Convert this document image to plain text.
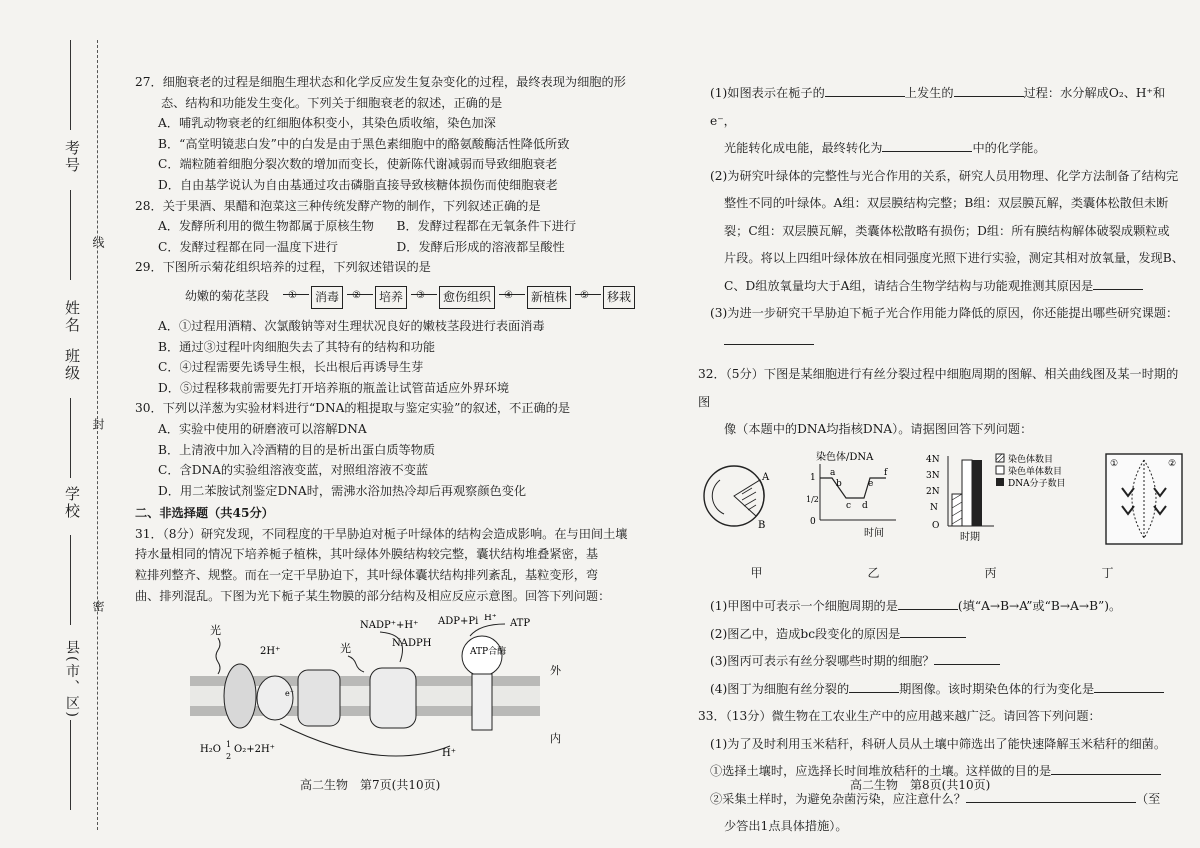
考号
线
姓名
班级
封
学校
密
县(市、区)

27．细胞衰老的过程是细胞生理状态和化学反应发生复杂变化的过程，最终表现为细胞的形

态、结构和功能发生变化。下列关于细胞衰老的叙述，正确的是

A．哺乳动物衰老的红细胞体积变小，其染色质收缩，染色加深

B．“高堂明镜悲白发”中的白发是由于黑色素细胞中的酪氨酸酶活性降低所致

C．端粒随着细胞分裂次数的增加而变长，使新陈代谢减弱而导致细胞衰老

D．自由基学说认为自由基通过攻击磷脂直接导致核糖体损伤而使细胞衰老

28．关于果酒、果醋和泡菜这三种传统发酵产物的制作，下列叙述正确的是

A．发酵所利用的微生物都属于原核生物	B．发酵过程都在无氧条件下进行
C．发酵过程都在同一温度下进行	D．发酵后形成的溶液都呈酸性

29．下图所示菊花组织培养的过程，下列叙述错误的是

幼嫩的菊花茎段 ①	消毒	②	培养	③	愈伤组织	④	新植株	⑤	移栽

A．①过程用酒精、次氯酸钠等对生理状况良好的嫩枝茎段进行表面消毒

B．通过③过程叶肉细胞失去了其特有的结构和功能

C．④过程需要先诱导生根，长出根后再诱导生芽

D．⑤过程移栽前需要先打开培养瓶的瓶盖让试管苗适应外界环境

30．下列以洋葱为实验材料进行“DNA的粗提取与鉴定实验”的叙述，不正确的是

A．实验中使用的研磨液可以溶解DNA

B．上清液中加入冷酒精的目的是析出蛋白质等物质

C．含DNA的实验组溶液变蓝，对照组溶液不变蓝

D．用二苯胺试剂鉴定DNA时，需沸水浴加热冷却后再观察颜色变化

二、非选择题（共45分）

31．（8分）研究发现，不同程度的干旱胁迫对栀子叶绿体的结构会造成影响。在与田间土壤

持水量相同的情况下培养栀子植株，其叶绿体外膜结构较完整，囊状结构堆叠紧密，基

粒排列整齐、规整。而在一定干旱胁迫下，其叶绿体囊状结构排列紊乱，基粒变形，弯

曲、排列混乱。下图为光下栀子某生物膜的部分结构及相应反应示意图。回答下列问题：

ATP合酶
光
光
2H⁺
NADP⁺+H⁺
NADPH
ADP+Pi	ATP
H⁺
外
内
H⁺
e⁻
H₂O 1
2
O₂+2H⁺
高二生物　第7页(共10页)

(1)如图表示在栀子的	上发生的	过程：水分解成O₂、H⁺和e⁻，

光能转化成电能，最终转化为	中的化学能。

(2)为研究叶绿体的完整性与光合作用的关系，研究人员用物理、化学方法制备了结构完

整性不同的叶绿体。A组：双层膜结构完整；B组：双层膜瓦解，类囊体松散但未断

裂；C组：双层膜瓦解，类囊体松散略有损伤；D组：所有膜结构解体破裂成颗粒或

片段。将以上四组叶绿体放在相同强度光照下进行实验，测定其相对放氧量，发现B、

C、D组放氧量均大于A组，请结合生物学结构与功能观推测其原因是

(3)为进一步研究干旱胁迫下栀子光合作用能力降低的原因，你还能提出哪些研究课题：

32．（5分）下图是某细胞进行有丝分裂过程中细胞周期的图解、相关曲线图及某一时期的图

像（本题中的DNA均指核DNA）。请据图回答下列问题：

A
B
染色体/DNA
1
1/2
0
a
b
c d
e
f
时间
4N
3N
2N
N
O
时期
染色体数目
染色单体数目
DNA分子数目
①	②
甲	乙	丙	丁

(1)甲图中可表示一个细胞周期的是	(填“A→B→A”或“B→A→B”)。

(2)图乙中，造成bc段变化的原因是

(3)图丙可表示有丝分裂哪些时期的细胞？

(4)图丁为细胞有丝分裂的	期图像。该时期染色体的行为变化是

33．（13分）微生物在工农业生产中的应用越来越广泛。请回答下列问题：

(1)为了及时利用玉米秸秆，科研人员从土壤中筛选出了能快速降解玉米秸秆的细菌。

①选择土壤时，应选择长时间堆放秸秆的土壤。这样做的目的是

②采集土样时，为避免杂菌污染，应注意什么？	（至

少答出1点具体措施）。

高二生物　第8页(共10页)
